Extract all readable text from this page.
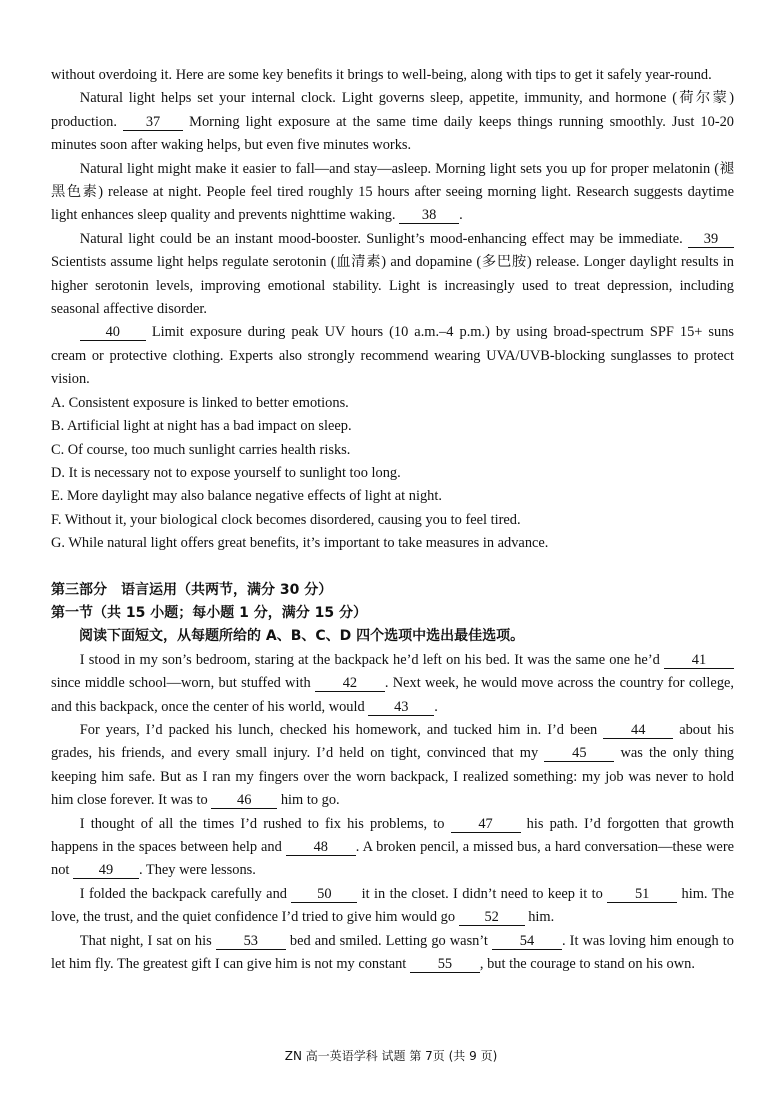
without overdoing it. Here are some key benefits it brings to well-being, along with tips to get it safely year-round.

Natural light helps set your internal clock. Light governs sleep, appetite, immunity, and hormone (荷尔蒙) production. 37 Morning light exposure at the same time daily keeps things running smoothly. Just 10-20 minutes soon after waking helps, but even five minutes works.

Natural light might make it easier to fall—and stay—asleep. Morning light sets you up for proper melatonin (褪黑色素) release at night. People feel tired roughly 15 hours after seeing morning light. Research suggests daytime light enhances sleep quality and prevents nighttime waking. 38 .

Natural light could be an instant mood-booster. Sunlight’s mood-enhancing effect may be immediate. 39 Scientists assume light helps regulate serotonin (血清素) and dopamine (多巴胺) release. Longer daylight results in higher serotonin levels, improving emotional stability. Light is increasingly used to treat depression, including seasonal affective disorder.

40 Limit exposure during peak UV hours (10 a.m.–4 p.m.) by using broad-spectrum SPF 15+ suns cream or protective clothing. Experts also strongly recommend wearing UVA/UVB-blocking sunglasses to protect vision.

A. Consistent exposure is linked to better emotions.

B. Artificial light at night has a bad impact on sleep.

C. Of course, too much sunlight carries health risks.

D. It is necessary not to expose yourself to sunlight too long.

E. More daylight may also balance negative effects of light at night.

F. Without it, your biological clock becomes disordered, causing you to feel tired.

G. While natural light offers great benefits, it’s important to take measures in advance.

第三部分　语言运用（共两节，满分 30 分）

第一节（共 15 小题；每小题 1 分，满分 15 分）

阅读下面短文，从每题所给的 A、B、C、D 四个选项中选出最佳选项。

I stood in my son’s bedroom, staring at the backpack he’d left on his bed. It was the same one he’d 41 since middle school—worn, but stuffed with 42 . Next week, he would move across the country for college, and this backpack, once the center of his world, would 43 .

For years, I’d packed his lunch, checked his homework, and tucked him in. I’d been 44 about his grades, his friends, and every small injury. I’d held on tight, convinced that my 45 was the only thing keeping him safe. But as I ran my fingers over the worn backpack, I realized something: my job was never to hold him close forever. It was to 46 him to go.

I thought of all the times I’d rushed to fix his problems, to 47 his path. I’d forgotten that growth happens in the spaces between help and 48 . A broken pencil, a missed bus, a hard conversation—these were not 49 . They were lessons.

I folded the backpack carefully and 50 it in the closet. I didn’t need to keep it to 51 him. The love, the trust, and the quiet confidence I’d tried to give him would go 52 him.

That night, I sat on his 53 bed and smiled. Letting go wasn’t 54 . It was loving him enough to let him fly. The greatest gift I can give him is not my constant 55 , but the courage to stand on his own.

ZN 高一英语学科 试题 第 7页 (共 9 页)
